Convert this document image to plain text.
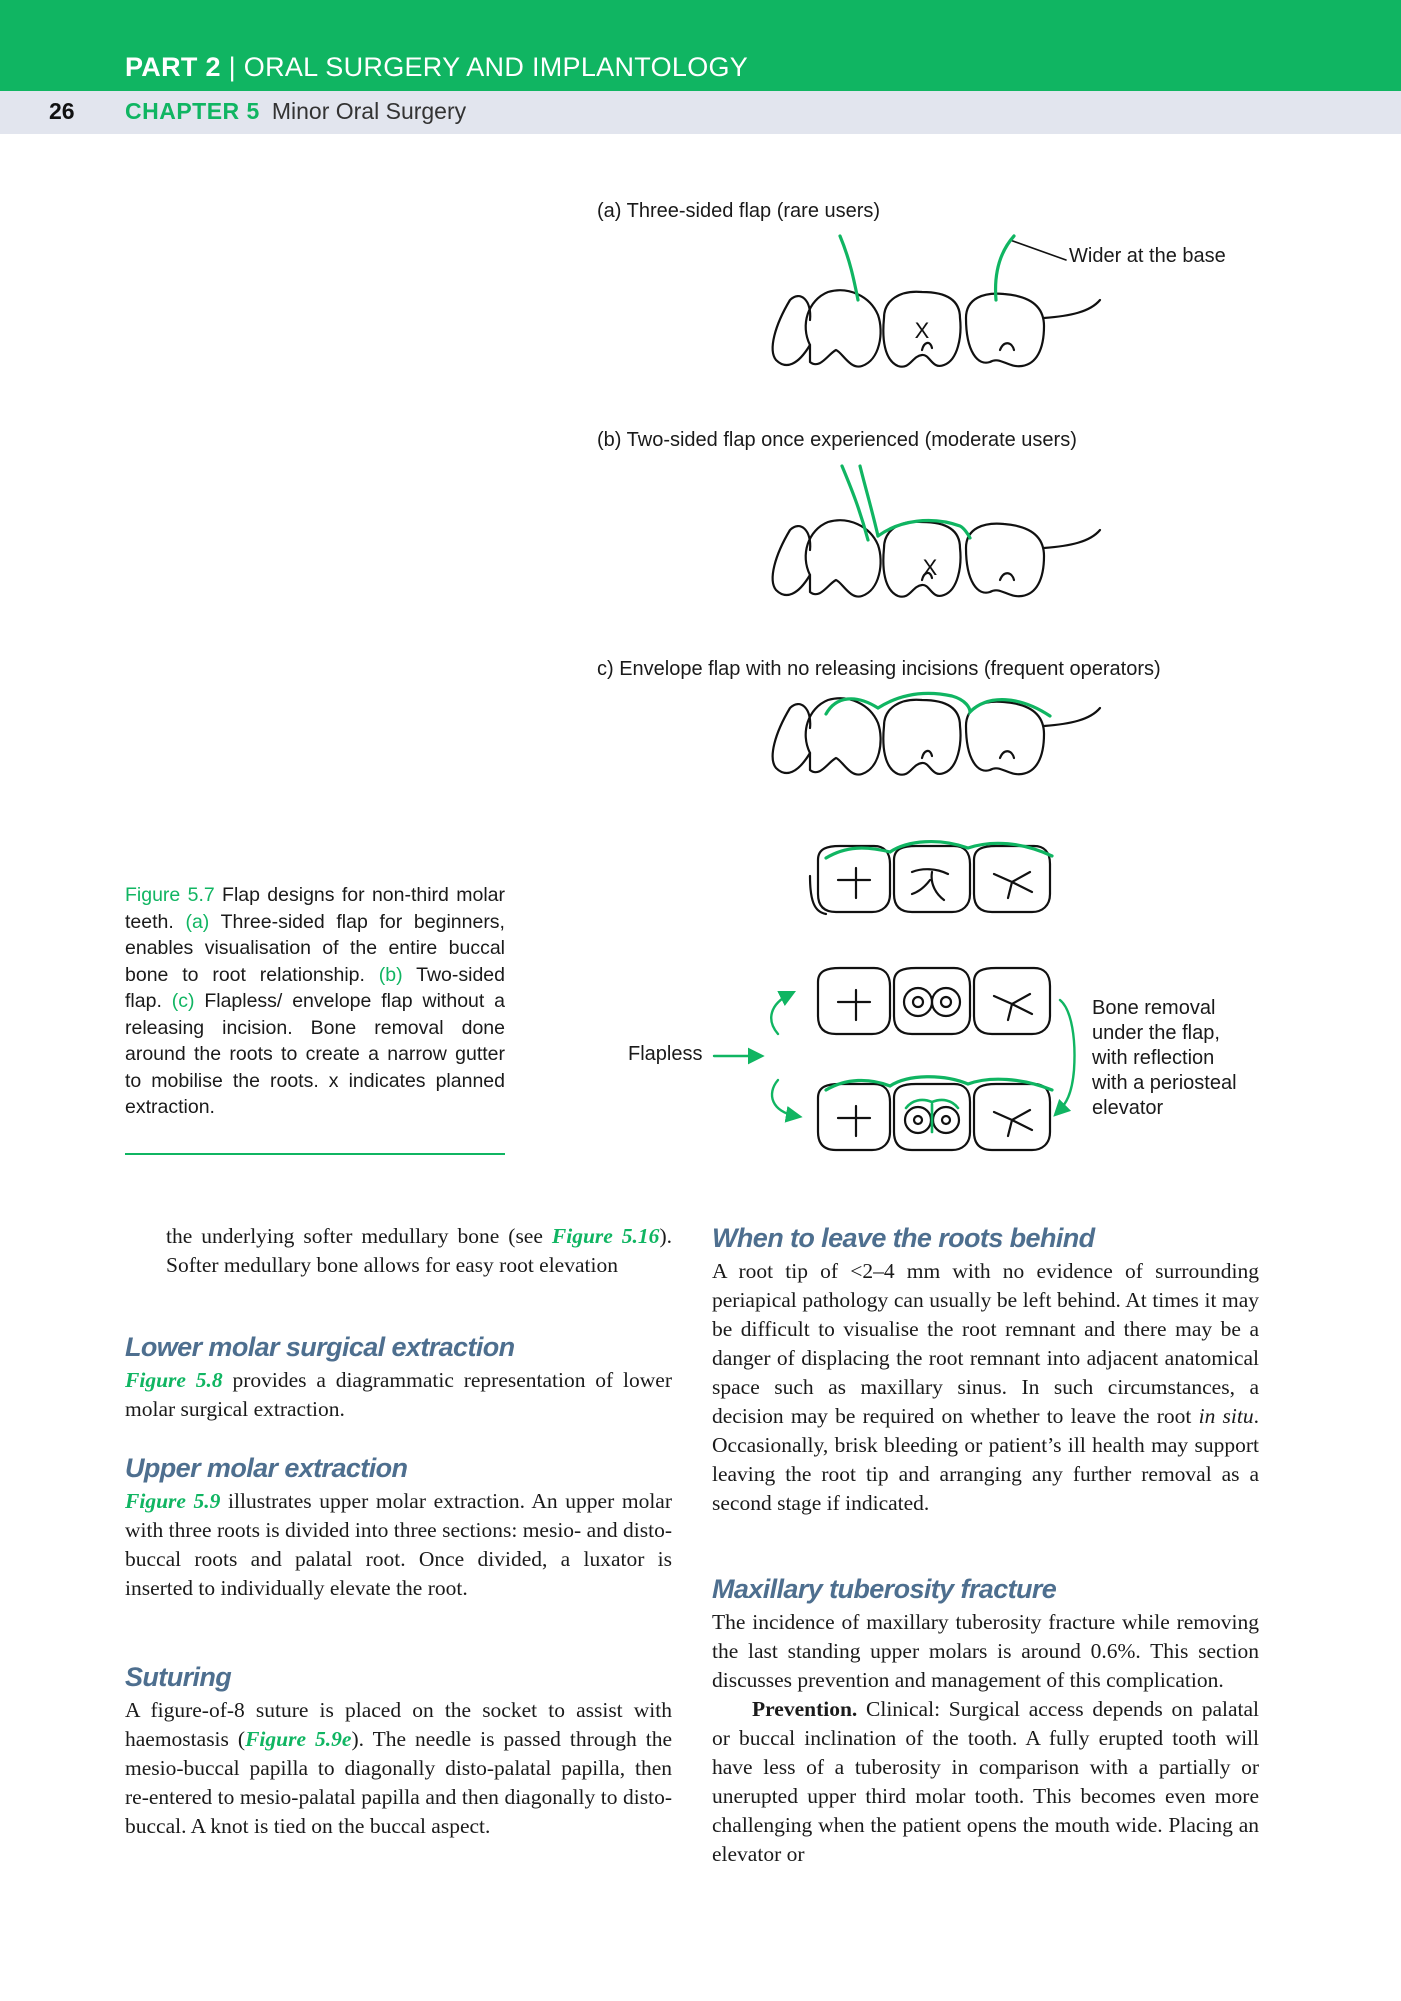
PART 2 | ORAL SURGERY AND IMPLANTOLOGY
26 CHAPTER 5 Minor Oral Surgery
(a) Three-sided flap (rare users)
Wider at the base
(b) Two-sided flap once experienced (moderate users)
c) Envelope flap with no releasing incisions (frequent operators)
Flapless
Bone removal
under the flap,
with reflection
with a periosteal
elevator
X
X
Figure 5.7 Flap designs for non-third molar teeth. (a) Three-sided flap for beginners, enables visualisation of the entire buccal bone to root relationship. (b) Two-sided flap. (c) Flapless/ envelope flap without a releasing incision. Bone removal done around the roots to create a narrow gutter to mobilise the roots. x indicates planned extraction.

the underlying softer medullary bone (see Figure 5.16). Softer medullary bone allows for easy root elevation

Lower molar surgical extraction

Figure 5.8 provides a diagrammatic representation of lower molar surgical extraction.

Upper molar extraction

Figure 5.9 illustrates upper molar extraction. An upper molar with three roots is divided into three sections: mesio- and disto-buccal roots and palatal root. Once divided, a luxator is inserted to individually elevate the root.

Suturing

A figure-of-8 suture is placed on the socket to assist with haemostasis (Figure 5.9e). The needle is passed through the mesio-buccal papilla to diagonally disto-palatal papilla, then re-entered to mesio-palatal papilla and then diagonally to disto-buccal. A knot is tied on the buccal aspect.

When to leave the roots behind

A root tip of <2–4 mm with no evidence of surrounding periapical pathology can usually be left behind. At times it may be difficult to visualise the root remnant and there may be a danger of displacing the root remnant into adjacent anatomical space such as maxillary sinus. In such circumstances, a decision may be required on whether to leave the root in situ. Occasionally, brisk bleeding or patient’s ill health may support leaving the root tip and arranging any further removal as a second stage if indicated.

Maxillary tuberosity fracture

The incidence of maxillary tuberosity fracture while removing the last standing upper molars is around 0.6%. This section discusses prevention and management of this complication.

Prevention. Clinical: Surgical access depends on palatal or buccal inclination of the tooth. A fully erupted tooth will have less of a tuberosity in comparison with a partially or unerupted upper third molar tooth. This becomes even more challenging when the patient opens the mouth wide. Placing an elevator or
